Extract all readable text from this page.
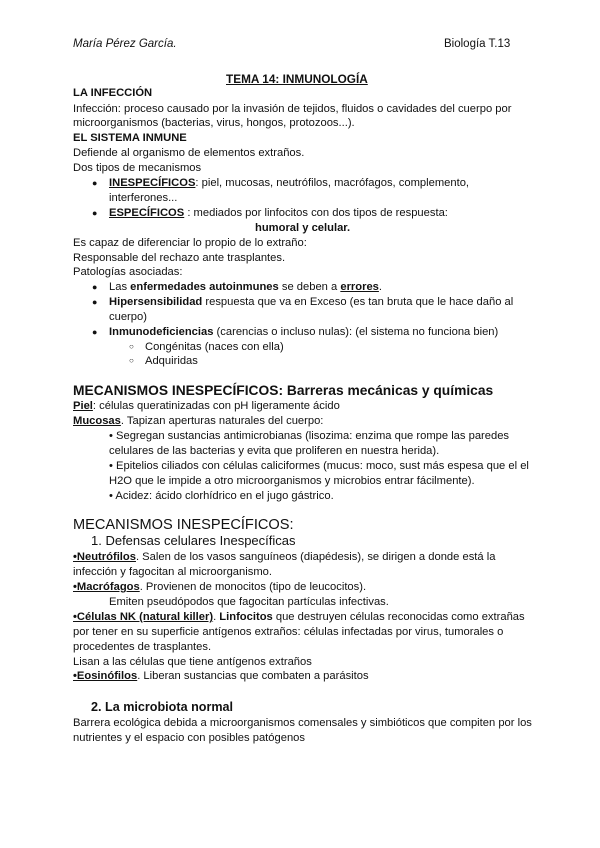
María Pérez García.	Biología T.13
TEMA 14: INMUNOLOGÍA
LA INFECCIÓN
Infección: proceso causado por la invasión de tejidos, fluidos o cavidades del cuerpo por
microorganismos (bacterias, virus, hongos, protozoos...).
EL SISTEMA INMUNE
Defiende al organismo de elementos extraños.
Dos tipos de mecanismos
● INESPECÍFICOS: piel, mucosas, neutrófilos, macrófagos, complemento,
interferones...
● ESPECÍFICOS : mediados por linfocitos con dos tipos de respuesta:
humoral y celular.
Es capaz de diferenciar lo propio de lo extraño:
Responsable del rechazo ante trasplantes.
Patologías asociadas:
● Las enfermedades autoinmunes se deben a errores.
● Hipersensibilidad respuesta que va en Exceso (es tan bruta que le hace daño al
cuerpo)
● Inmunodeficiencias (carencias o incluso nulas): (el sistema no funciona bien)
○ Congénitas (naces con ella)
○ Adquiridas
MECANISMOS INESPECÍFICOS: Barreras mecánicas y químicas
Piel: células queratinizadas con pH ligeramente ácido
Mucosas. Tapizan aperturas naturales del cuerpo:
• Segregan sustancias antimicrobianas (lisozima: enzima que rompe las paredes
celulares de las bacterias y evita que proliferen en nuestra herida).
• Epitelios ciliados con células caliciformes (mucus: moco, sust más espesa que el el
H2O que le impide a otro microorganismos y microbios entrar fácilmente).
• Acidez: ácido clorhídrico en el jugo gástrico.
MECANISMOS INESPECÍFICOS:
1. Defensas celulares Inespecíficas
•Neutrófilos. Salen de los vasos sanguíneos (diapédesis), se dirigen a donde está la
infección y fagocitan al microorganismo.
•Macrófagos. Provienen de monocitos (tipo de leucocitos).
Emiten pseudópodos que fagocitan partículas infectivas.
•Células NK (natural killer). Linfocitos que destruyen células reconocidas como extrañas
por tener en su superficie antígenos extraños: células infectadas por virus, tumorales o
procedentes de trasplantes.
Lisan a las células que tiene antígenos extraños
•Eosinófilos. Liberan sustancias que combaten a parásitos
2. La microbiota normal
Barrera ecológica debida a microorganismos comensales y simbióticos que compiten por los
nutrientes y el espacio con posibles patógenos
